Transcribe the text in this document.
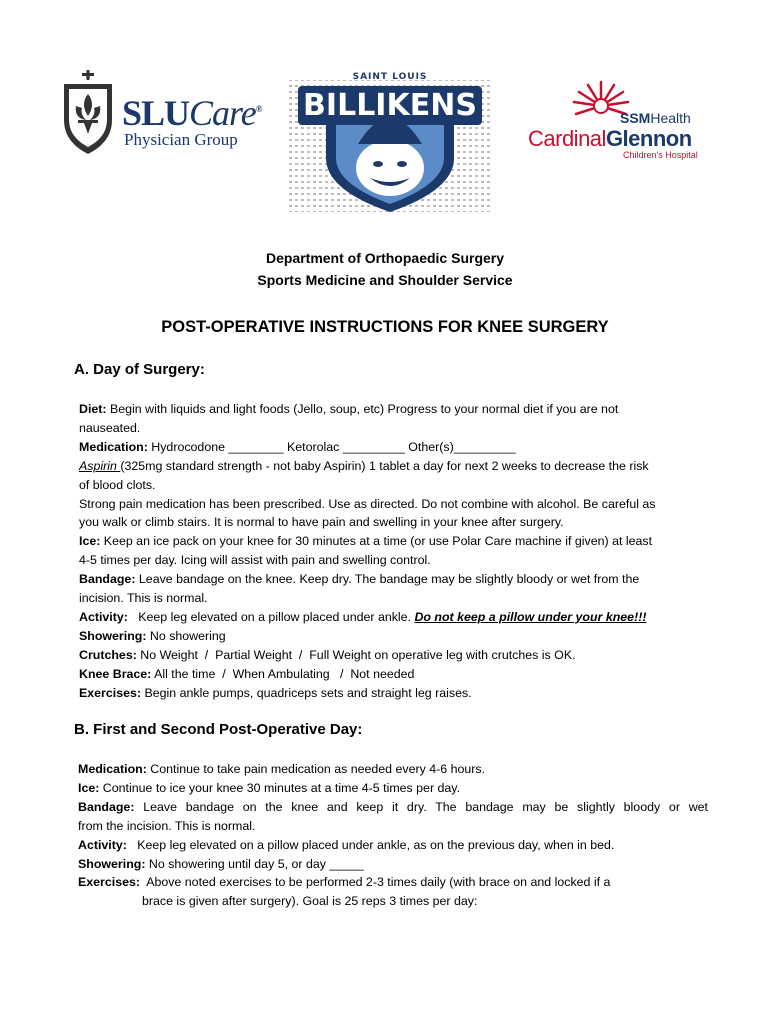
SLUCare®
Physician Group
SAINT LOUIS
BILLIKENS	SSMHealth
CardinalGlennon
Children's Hospital
Department of Orthopaedic Surgery
Sports Medicine and Shoulder Service
POST-OPERATIVE INSTRUCTIONS FOR KNEE SURGERY
A. Day of Surgery:
Diet: Begin with liquids and light foods (Jello, soup, etc) Progress to your normal diet if you are not
nauseated.
Medication: Hydrocodone ________ Ketorolac _________ Other(s)_________
Aspirin (325mg standard strength - not baby Aspirin) 1 tablet a day for next 2 weeks to decrease the risk
of blood clots.
Strong pain medication has been prescribed. Use as directed. Do not combine with alcohol. Be careful as
you walk or climb stairs. It is normal to have pain and swelling in your knee after surgery.
Ice: Keep an ice pack on your knee for 30 minutes at a time (or use Polar Care machine if given) at least
4-5 times per day. Icing will assist with pain and swelling control.
Bandage: Leave bandage on the knee. Keep dry. The bandage may be slightly bloody or wet from the
incision. This is normal.
Activity:   Keep leg elevated on a pillow placed under ankle. Do not keep a pillow under your knee!!!
Showering: No showering
Crutches: No Weight  /  Partial Weight  /  Full Weight on operative leg with crutches is OK.
Knee Brace: All the time  /  When Ambulating   /  Not needed
Exercises: Begin ankle pumps, quadriceps sets and straight leg raises.
B. First and Second Post-Operative Day:
Medication: Continue to take pain medication as needed every 4-6 hours.
Ice: Continue to ice your knee 30 minutes at a time 4-5 times per day.
Bandage: Leave bandage on the knee and keep it dry. The bandage may be slightly bloody or wet
from the incision. This is normal.
Activity:   Keep leg elevated on a pillow placed under ankle, as on the previous day, when in bed.
Showering: No showering until day 5, or day _____
Exercises:  Above noted exercises to be performed 2-3 times daily (with brace on and locked if a
brace is given after surgery). Goal is 25 reps 3 times per day:
